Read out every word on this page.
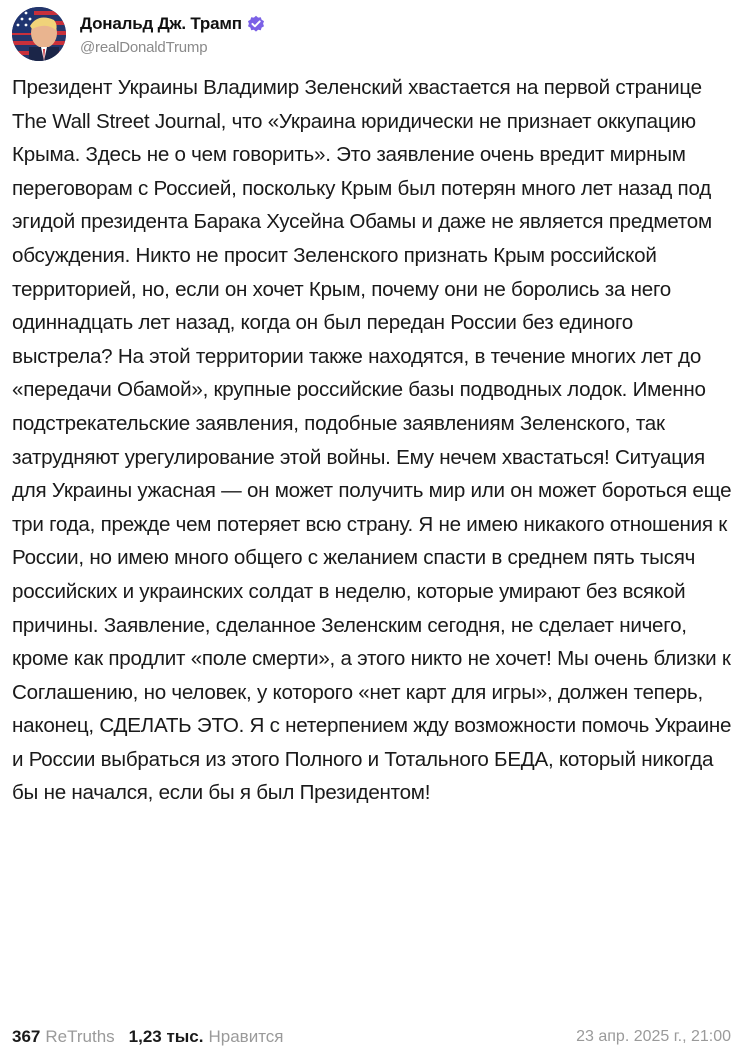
Дональд Дж. Трамп
@realDonaldTrump

Президент Украины Владимир Зеленский хвастается на первой странице The Wall Street Journal, что «Украина юридически не признает оккупацию Крыма. Здесь не о чем говорить». Это заявление очень вредит мирным переговорам с Россией, поскольку Крым был потерян много лет назад под эгидой президента Барака Хусейна Обамы и даже не является предметом обсуждения. Никто не просит Зеленского признать Крым российской территорией, но, если он хочет Крым, почему они не боролись за него одиннадцать лет назад, когда он был передан России без единого выстрела? На этой территории также находятся, в течение многих лет до «передачи Обамой», крупные российские базы подводных лодок. Именно подстрекательские заявления, подобные заявлениям Зеленского, так затрудняют урегулирование этой войны. Ему нечем хвастаться! Ситуация для Украины ужасная — он может получить мир или он может бороться еще три года, прежде чем потеряет всю страну. Я не имею никакого отношения к России, но имею много общего с желанием спасти в среднем пять тысяч российских и украинских солдат в неделю, которые умирают без всякой причины. Заявление, сделанное Зеленским сегодня, не сделает ничего, кроме как продлит «поле смерти», а этого никто не хочет! Мы очень близки к Соглашению, но человек, у которого «нет карт для игры», должен теперь, наконец, СДЕЛАТЬ ЭТО. Я с нетерпением жду возможности помочь Украине и России выбраться из этого Полного и Тотального БЕДА, который никогда бы не начался, если бы я был Президентом!

367 ReTruths 1,23 тыс. Нравится	23 апр. 2025 г., 21:00
